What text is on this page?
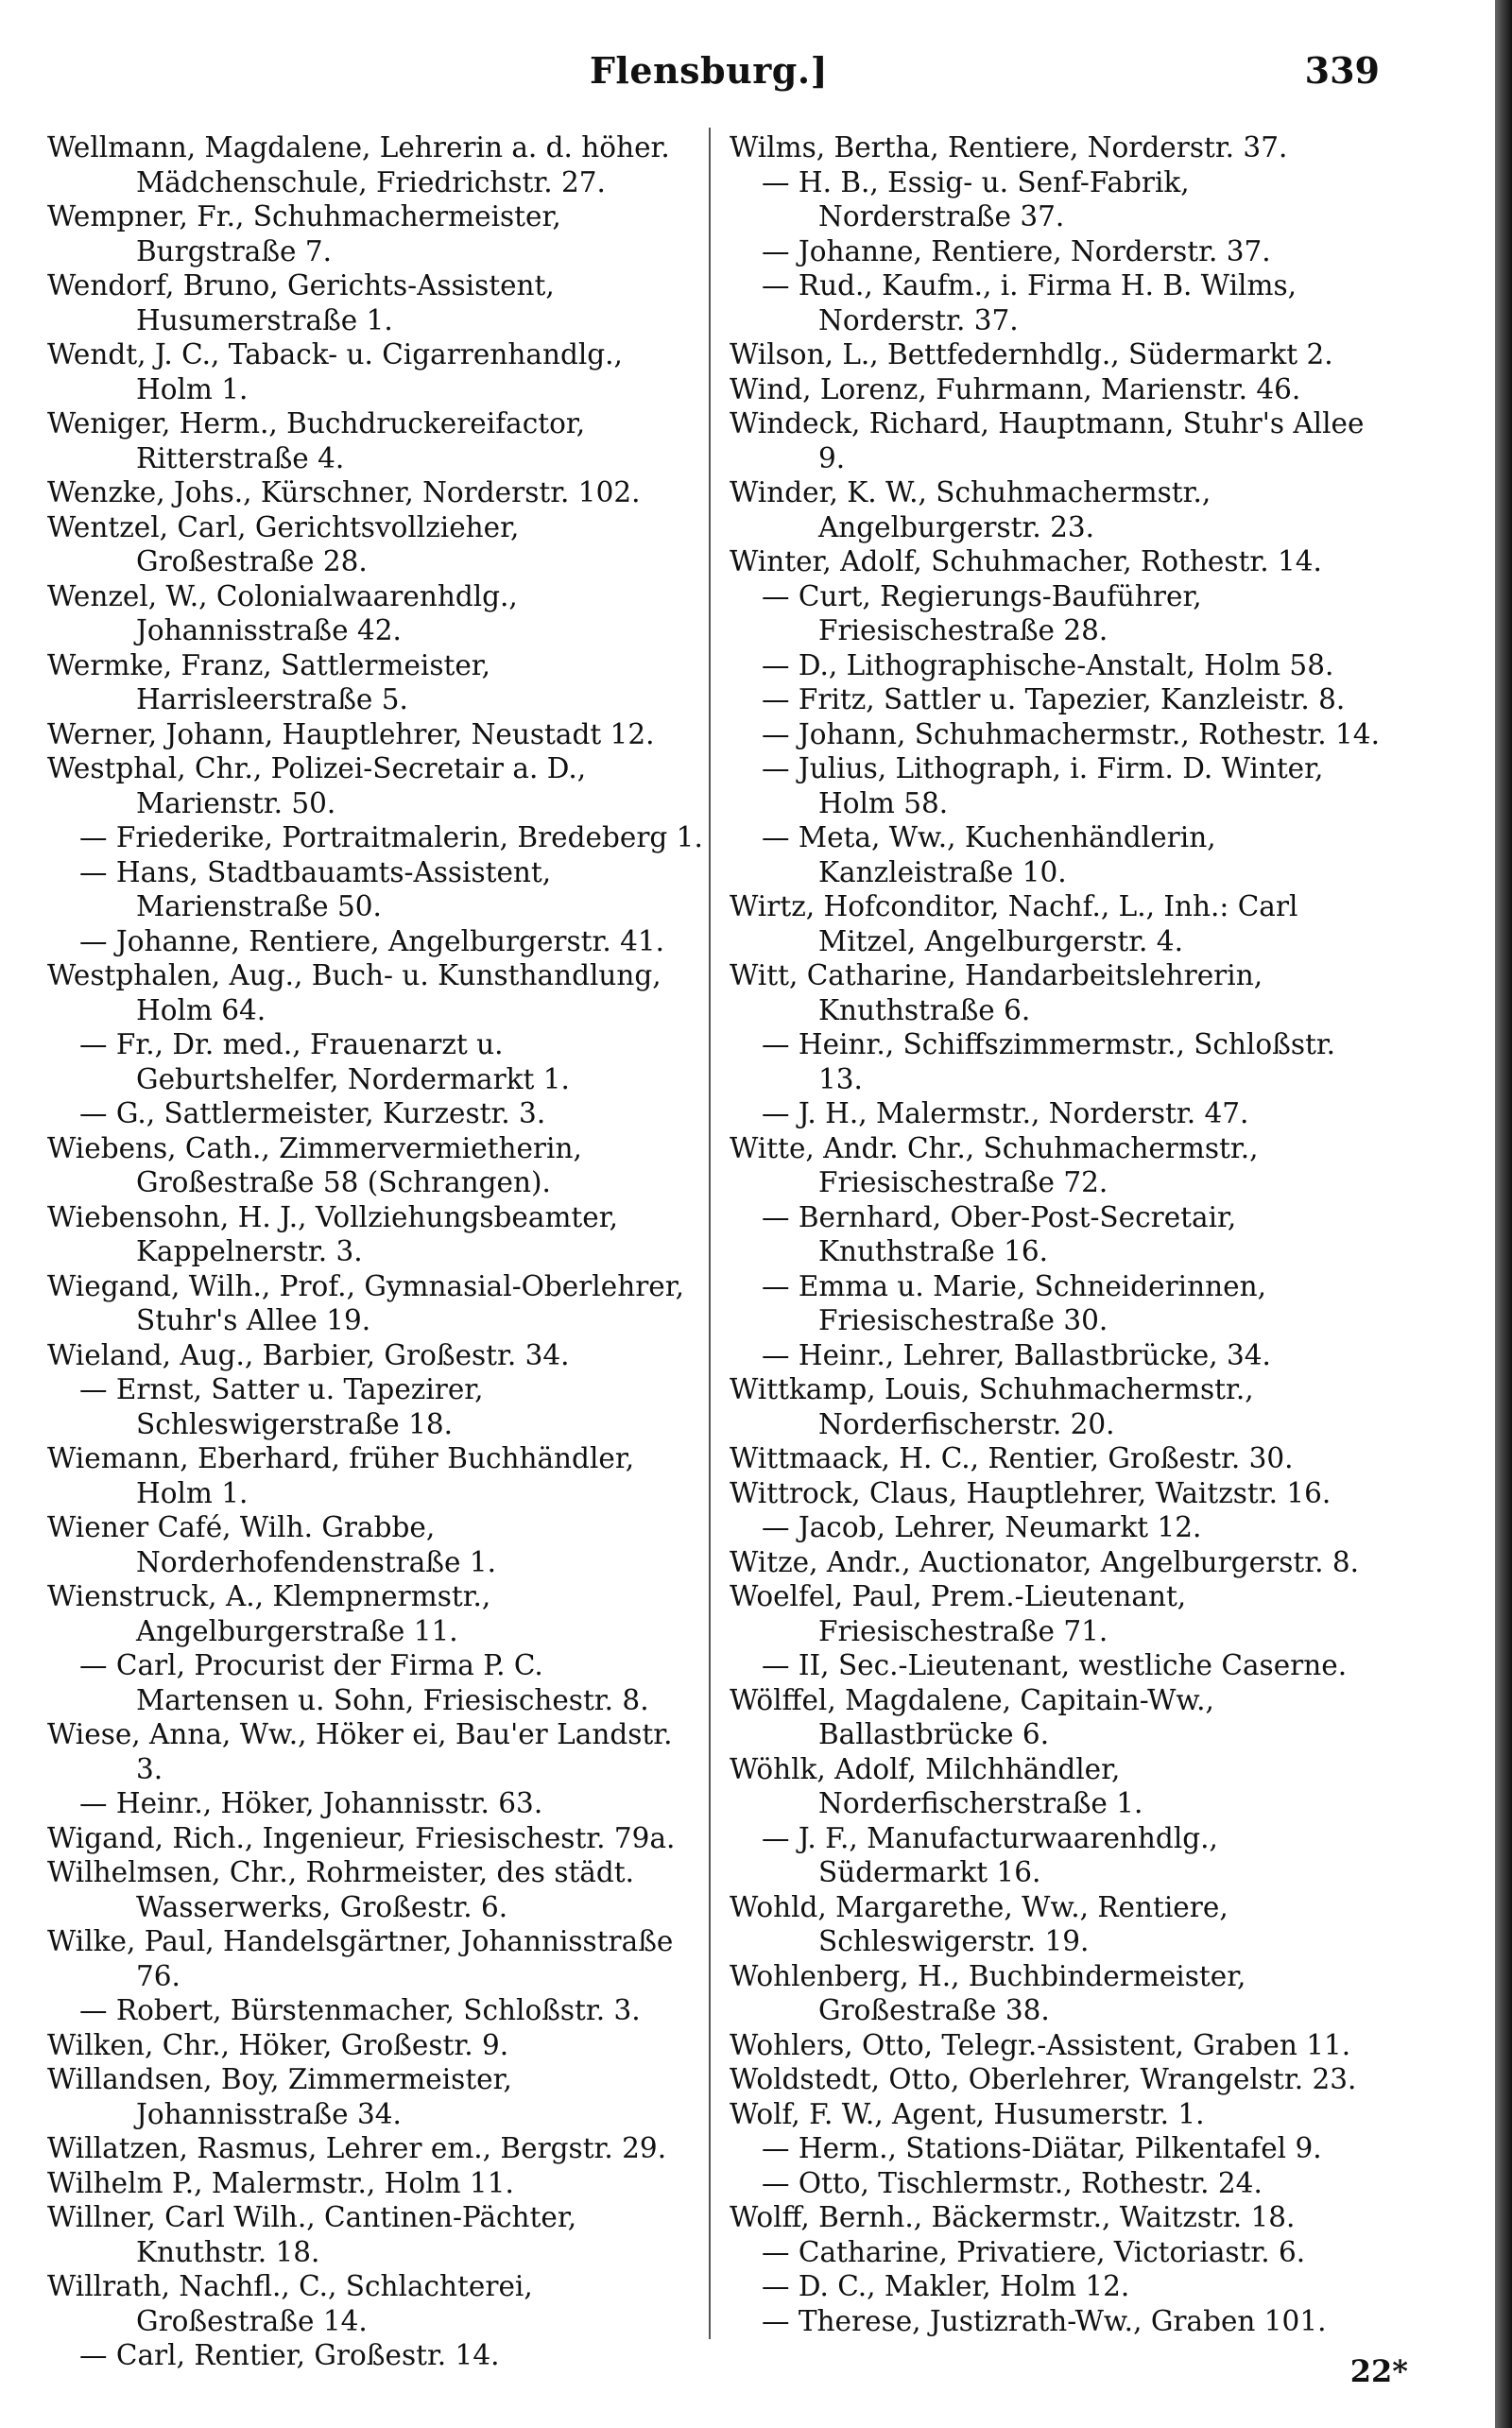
Flensburg.]	339
Wellmann, Magdalene, Lehrerin a. d. höher. Mädchenschule, Friedrichstr. 27.
Wempner, Fr., Schuhmachermeister, Burgstraße 7.
Wendorf, Bruno, Gerichts-Assistent, Husumerstraße 1.
Wendt, J. C., Taback- u. Cigarrenhandlg., Holm 1.
Weniger, Herm., Buchdruckereifactor, Ritterstraße 4.
Wenzke, Johs., Kürschner, Norderstr. 102.
Wentzel, Carl, Gerichtsvollzieher, Großestraße 28.
Wenzel, W., Colonialwaarenhdlg., Johannisstraße 42.
Wermke, Franz, Sattlermeister, Harrisleerstraße 5.
Werner, Johann, Hauptlehrer, Neustadt 12.
Westphal, Chr., Polizei-Secretair a. D., Marienstr. 50.
— Friederike, Portraitmalerin, Bredeberg 1.
— Hans, Stadtbauamts-Assistent, Marienstraße 50.
— Johanne, Rentiere, Angelburgerstr. 41.
Westphalen, Aug., Buch- u. Kunsthandlung, Holm 64.
— Fr., Dr. med., Frauenarzt u. Geburtshelfer, Nordermarkt 1.
— G., Sattlermeister, Kurzestr. 3.
Wiebens, Cath., Zimmervermietherin, Großestraße 58 (Schrangen).
Wiebensohn, H. J., Vollziehungsbeamter, Kappelnerstr. 3.
Wiegand, Wilh., Prof., Gymnasial-Oberlehrer, Stuhr's Allee 19.
Wieland, Aug., Barbier, Großestr. 34.
— Ernst, Satter u. Tapezirer, Schleswigerstraße 18.
Wiemann, Eberhard, früher Buchhändler, Holm 1.
Wiener Café, Wilh. Grabbe, Norderhofendenstraße 1.
Wienstruck, A., Klempnermstr., Angelburgerstraße 11.
— Carl, Procurist der Firma P. C. Martensen u. Sohn, Friesischestr. 8.
Wiese, Anna, Ww., Höker ei, Bau'er Landstr. 3.
— Heinr., Höker, Johannisstr. 63.
Wigand, Rich., Ingenieur, Friesischestr. 79a.
Wilhelmsen, Chr., Rohrmeister, des städt. Wasserwerks, Großestr. 6.
Wilke, Paul, Handelsgärtner, Johannisstraße 76.
— Robert, Bürstenmacher, Schloßstr. 3.
Wilken, Chr., Höker, Großestr. 9.
Willandsen, Boy, Zimmermeister, Johannisstraße 34.
Willatzen, Rasmus, Lehrer em., Bergstr. 29.
Wilhelm P., Malermstr., Holm 11.
Willner, Carl Wilh., Cantinen-Pächter, Knuthstr. 18.
Willrath, Nachfl., C., Schlachterei, Großestraße 14.
— Carl, Rentier, Großestr. 14.
Wilms, Bertha, Rentiere, Norderstr. 37.
— H. B., Essig- u. Senf-Fabrik, Norderstraße 37.
— Johanne, Rentiere, Norderstr. 37.
— Rud., Kaufm., i. Firma H. B. Wilms, Norderstr. 37.
Wilson, L., Bettfedernhdlg., Südermarkt 2.
Wind, Lorenz, Fuhrmann, Marienstr. 46.
Windeck, Richard, Hauptmann, Stuhr's Allee 9.
Winder, K. W., Schuhmachermstr., Angelburgerstr. 23.
Winter, Adolf, Schuhmacher, Rothestr. 14.
— Curt, Regierungs-Bauführer, Friesischestraße 28.
— D., Lithographische-Anstalt, Holm 58.
— Fritz, Sattler u. Tapezier, Kanzleistr. 8.
— Johann, Schuhmachermstr., Rothestr. 14.
— Julius, Lithograph, i. Firm. D. Winter, Holm 58.
— Meta, Ww., Kuchenhändlerin, Kanzleistraße 10.
Wirtz, Hofconditor, Nachf., L., Inh.: Carl Mitzel, Angelburgerstr. 4.
Witt, Catharine, Handarbeitslehrerin, Knuthstraße 6.
— Heinr., Schiffszimmermstr., Schloßstr. 13.
— J. H., Malermstr., Norderstr. 47.
Witte, Andr. Chr., Schuhmachermstr., Friesischestraße 72.
— Bernhard, Ober-Post-Secretair, Knuthstraße 16.
— Emma u. Marie, Schneiderinnen, Friesischestraße 30.
— Heinr., Lehrer, Ballastbrücke, 34.
Wittkamp, Louis, Schuhmachermstr., Norderfischerstr. 20.
Wittmaack, H. C., Rentier, Großestr. 30.
Wittrock, Claus, Hauptlehrer, Waitzstr. 16.
— Jacob, Lehrer, Neumarkt 12.
Witze, Andr., Auctionator, Angelburgerstr. 8.
Woelfel, Paul, Prem.-Lieutenant, Friesischestraße 71.
— II, Sec.-Lieutenant, westliche Caserne.
Wölffel, Magdalene, Capitain-Ww., Ballastbrücke 6.
Wöhlk, Adolf, Milchhändler, Norderfischerstraße 1.
— J. F., Manufacturwaarenhdlg., Südermarkt 16.
Wohld, Margarethe, Ww., Rentiere, Schleswigerstr. 19.
Wohlenberg, H., Buchbindermeister, Großestraße 38.
Wohlers, Otto, Telegr.-Assistent, Graben 11.
Woldstedt, Otto, Oberlehrer, Wrangelstr. 23.
Wolf, F. W., Agent, Husumerstr. 1.
— Herm., Stations-Diätar, Pilkentafel 9.
— Otto, Tischlermstr., Rothestr. 24.
Wolff, Bernh., Bäckermstr., Waitzstr. 18.
— Catharine, Privatiere, Victoriastr. 6.
— D. C., Makler, Holm 12.
— Therese, Justizrath-Ww., Graben 101.
22*
